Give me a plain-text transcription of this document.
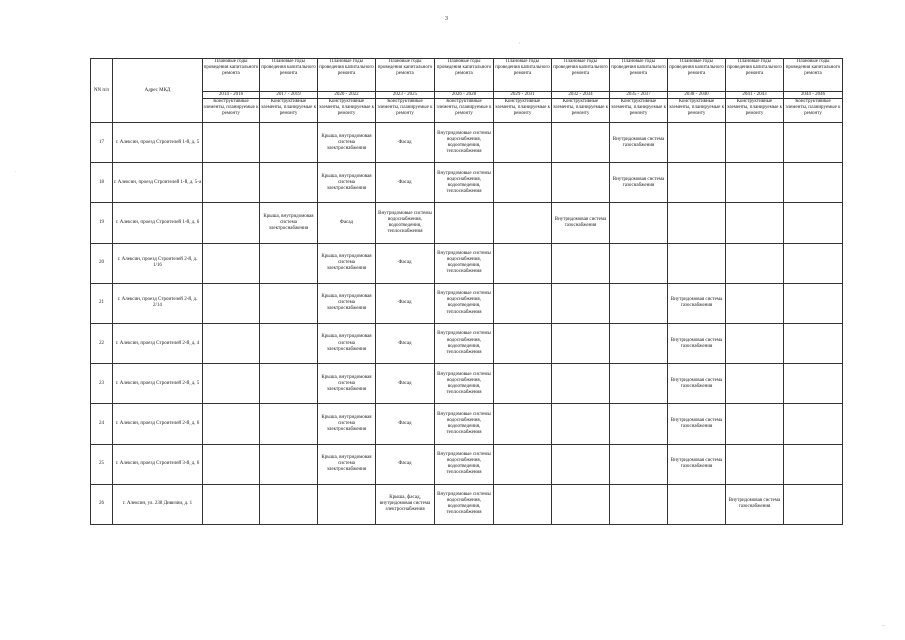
3
'
·
–
NN п/п	Адрес МКД	Плановые годы проведения капитального ремонта	Плановые годы проведения капитального ремонта	Плановые годы проведения капитального ремонта	Плановые годы проведения капитального ремонта	Плановые годы проведения капитального ремонта	Плановые годы проведения капитального ремонта	Плановые годы проведения капитального ремонта	Плановые годы проведения капитального ремонта	Плановые годы проведения капитального ремонта	Плановые годы проведения капитального ремонта	Плановые годы проведения капитального ремонта
		2014 - 2016	2017 - 2019	2020 - 2022	2023 - 2025	2026 - 2028	2029 - 2031	2032 - 2034	2035 - 2037	2038 - 2040	2041 - 2043	2044 - 2046
		Конструктивные элементы, планируемые к ремонту	Конструктивные элементы, планируемые к ремонту	Конструктивные элементы, планируемые к ремонту	Конструктивные элементы, планируемые к ремонту	Конструктивные элементы, планируемые к ремонту	Конструктивные элементы, планируемые к ремонту	Конструктивные элементы, планируемые к ремонту	Конструктивные элементы, планируемые к ремонту	Конструктивные элементы, планируемые к ремонту	Конструктивные элементы, планируемые к ремонту	Конструктивные элементы, планируемые к ремонту
17	г. Алексин, проезд Строителей 1-й, д. 5			Крыша, внутридомовая система электроснабжения	Фасад	Внутридомовые системы водоснабжения, водоотведения, теплоснабжения			Внутридомовая система газоснабжения			
18	г. Алексин, проезд Строителей 1-й, д. 5-а			Крыша, внутридомовая система электроснабжения	Фасад	Внутридомовые системы водоснабжения, водоотведения, теплоснабжения			Внутридомовая система газоснабжения			
19	г. Алексин, проезд Строителей 1-й, д. 6		Крыша, внутридомовая система электроснабжения	Фасад	Внутридомовые системы водоснабжения, водоотведения, теплоснабжения			Внутридомовая система газоснабжения				
20	г. Алексин, проезд Строителей 2-й, д. 1/16			Крыша, внутридомовая система электроснабжения	Фасад	Внутридомовые системы водоснабжения, водоотведения, теплоснабжения						
21	г. Алексин, проезд Строителей 2-й, д. 2/14			Крыша, внутридомовая система электроснабжения	Фасад	Внутридомовые системы водоснабжения, водоотведения, теплоснабжения				Внутридомовая система газоснабжения		
22	г. Алексин, проезд Строителей 2-й, д. 4			Крыша, внутридомовая система электроснабжения	Фасад	Внутридомовые системы водоснабжения, водоотведения, теплоснабжения				Внутридомовая система газоснабжения		
23	г. Алексин, проезд Строителей 2-й, д. 5			Крыша, внутридомовая система электроснабжения	Фасад	Внутридомовые системы водоснабжения, водоотведения, теплоснабжения				Внутридомовая система газоснабжения		
24	г. Алексин, проезд Строителей 2-й, д. 6			Крыша, внутридомовая система электроснабжения	Фасад	Внутридомовые системы водоснабжения, водоотведения, теплоснабжения				Внутридомовая система газоснабжения		
25	г. Алексин, проезд Строителей 3-й, д. 6			Крыша, внутридомовая система электроснабжения	Фасад	Внутридомовые системы водоснабжения, водоотведения, теплоснабжения				Внутридомовая система газоснабжения		
26	г. Алексин, ул. 238 Дивизии, д. 1				Крыша, фасад, внутридомовая система электроснабжения	Внутридомовые системы водоснабжения, водоотведения, теплоснабжения					Внутридомовая система газоснабжения	
